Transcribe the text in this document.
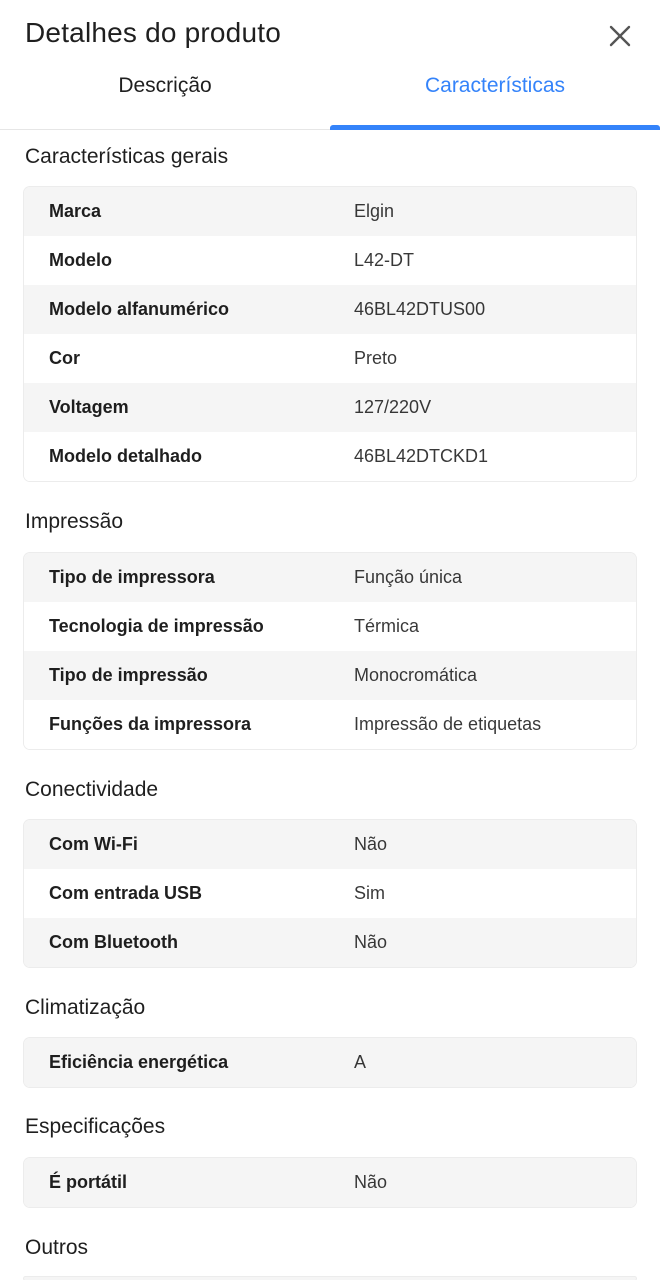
Detalhes do produto
Descrição	Características
Características gerais
Marca	Elgin
Modelo	L42-DT
Modelo alfanumérico	46BL42DTUS00
Cor	Preto
Voltagem	127/220V
Modelo detalhado	46BL42DTCKD1
Impressão
Tipo de impressora	Função única
Tecnologia de impressão	Térmica
Tipo de impressão	Monocromática
Funções da impressora	Impressão de etiquetas
Conectividade
Com Wi-Fi	Não
Com entrada USB	Sim
Com Bluetooth	Não
Climatização
Eficiência energética	A
Especificações
É portátil	Não
Outros
